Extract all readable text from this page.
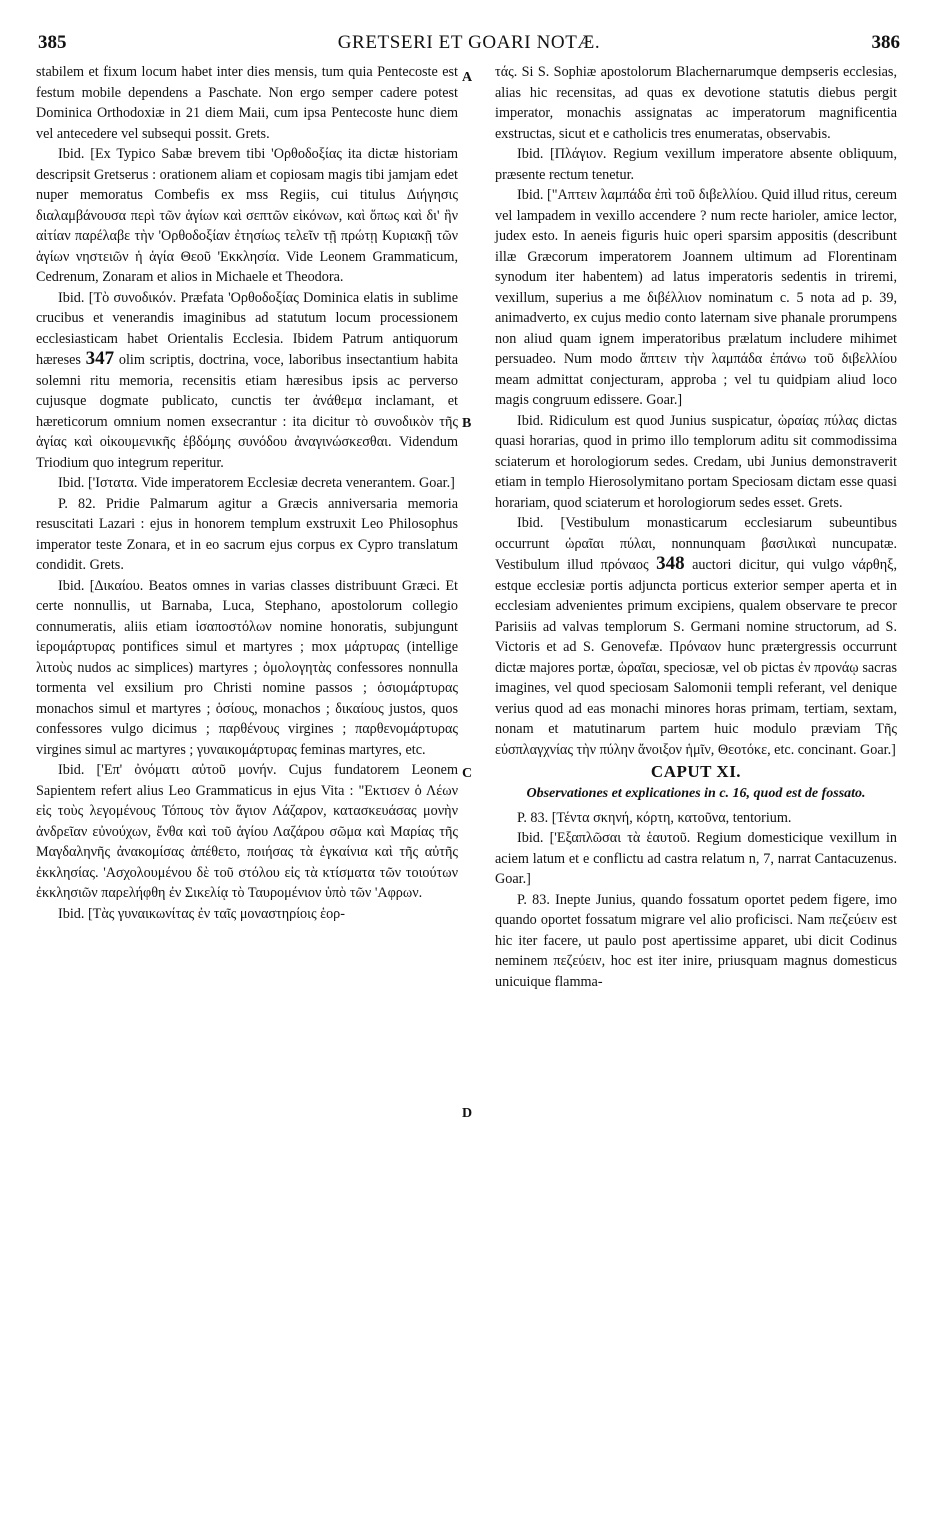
385	GRETSERI ET GOARI NOTÆ.	386
A
B
C
D

stabilem et fixum locum habet inter dies mensis, tum quia Pentecoste est festum mobile dependens a Paschate. Non ergo semper cadere potest Dominica Orthodoxiæ in 21 diem Maii, cum ipsa Pentecoste hunc diem vel antecedere vel subsequi possit. Grets.

Ibid. [Ex Typico Sabæ brevem tibi 'Ορθοδοξίας ita dictæ historiam descripsit Gretserus : orationem aliam et copiosam magis tibi jamjam edet nuper memoratus Combefis ex mss Regiis, cui titulus Διήγησις διαλαμβάνουσα περὶ τῶν ἁγίων καὶ σεπτῶν εἰκόνων, καὶ ὅπως καὶ δι' ἣν αἰτίαν παρέλαβε τὴν 'Ορθοδοξίαν ἐτησίως τελεῖν τῇ πρώτῃ Κυριακῇ τῶν ἁγίων νηστειῶν ἡ ἁγία Θεοῦ 'Εκκλησία. Vide Leonem Grammaticum, Cedrenum, Zonaram et alios in Michaele et Theodora.

Ibid. [Τὸ συνοδικόν. Præfata 'Ορθοδοξίας Dominica elatis in sublime crucibus et venerandis imaginibus ad statutum locum processionem ecclesiasticam habet Orientalis Ecclesia. Ibidem Patrum antiquorum hæreses 347 olim scriptis, doctrina, voce, laboribus insectantium habita solemni ritu memoria, recensitis etiam hæresibus ipsis ac perverso cujusque dogmate publicato, cunctis ter ἀνάθεμα inclamant, et hæreticorum omnium nomen exsecrantur : ita dicitur τὸ συνοδικὸν τῆς ἁγίας καὶ οἰκουμενικῆς ἑβδόμης συνόδου ἀναγινώσκεσθαι. Videndum Triodium quo integrum reperitur.

Ibid. ['Ιστατα. Vide imperatorem Ecclesiæ decreta venerantem. Goar.]

P. 82. Pridie Palmarum agitur a Græcis anniversaria memoria resuscitati Lazari : ejus in honorem templum exstruxit Leo Philosophus imperator teste Zonara, et in eo sacrum ejus corpus ex Cypro translatum condidit. Grets.

Ibid. [Δικαίου. Beatos omnes in varias classes distribuunt Græci. Et certe nonnullis, ut Barnaba, Luca, Stephano, apostolorum collegio connumeratis, aliis etiam ἰσαποστόλων nomine honoratis, subjungunt ἱερομάρτυρας pontifices simul et martyres ; mox μάρτυρας (intellige λιτοὺς nudos ac simplices) martyres ; ὁμολογητὰς confessores nonnulla tormenta vel exsilium pro Christi nomine passos ; ὁσιομάρτυρας monachos simul et martyres ; ὁσίους, monachos ; δικαίους justos, quos confessores vulgo dicimus ; παρθένους virgines ; παρθενομάρτυρας virgines simul ac martyres ; γυναικομάρτυρας feminas martyres, etc.

Ibid. ['Επ' ὀνόματι αὐτοῦ μονήν. Cujus fundatorem Leonem Sapientem refert alius Leo Grammaticus in ejus Vita : "Εκτισεν ὁ Λέων εἰς τοὺς λεγομένους Τόπους τὸν ἅγιον Λάζαρον, κατασκευάσας μονὴν ἀνδρεῖαν εὐνούχων, ἔνθα καὶ τοῦ ἁγίου Λαζάρου σῶμα καὶ Μαρίας τῆς Μαγδαληνῆς ἀνακομίσας ἀπέθετο, ποιήσας τὰ ἐγκαίνια καὶ τῆς αὐτῆς ἐκκλησίας. 'Ασχολουμένου δὲ τοῦ στόλου εἰς τὰ κτίσματα τῶν τοιούτων ἐκκλησιῶν παρελήφθη ἐν Σικελίᾳ τὸ Ταυρομένιον ὑπὸ τῶν 'Αφρων.

Ibid. [Τὰς γυναικωνίτας ἐν ταῖς μοναστηρίοις ἑορ-

τάς. Si S. Sophiæ apostolorum Blachernarumque dempseris ecclesias, alias hic recensitas, ad quas ex devotione statutis diebus pergit imperator, monachis assignatas ac imperatorum magnificentia exstructas, sicut et e catholicis tres enumeratas, observabis.

Ibid. [Πλάγιον. Regium vexillum imperatore absente obliquum, præsente rectum tenetur.

Ibid. ["Απτειν λαμπάδα ἐπὶ τοῦ διβελλίου. Quid illud ritus, cereum vel lampadem in vexillo accendere ? num recte harioler, amice lector, judex esto. In aeneis figuris huic operi sparsim appositis (describunt illæ Græcorum imperatorem Joannem ultimum ad Florentinam synodum iter habentem) ad latus imperatoris sedentis in triremi, vexillum, superius a me διβέλλιον nominatum c. 5 nota ad p. 39, animadverto, ex cujus medio conto laternam sive phanale prorumpens non aliud quam ignem imperatoribus prælatum includere mihimet persuadeo. Num modo ἅπτειν τὴν λαμπάδα ἐπάνω τοῦ διβελλίου meam admittat conjecturam, approba ; vel tu quidpiam aliud loco magis congruum edissere. Goar.]

Ibid. Ridiculum est quod Junius suspicatur, ὡραίας πύλας dictas quasi horarias, quod in primo illo templorum aditu sit commodissima sciaterum et horologiorum sedes. Credam, ubi Junius demonstraverit etiam in templo Hierosolymitano portam Speciosam dictam esse quasi horariam, quod sciaterum et horologiorum sedes esset. Grets.

Ibid. [Vestibulum monasticarum ecclesiarum subeuntibus occurrunt ὡραῖαι πύλαι, nonnunquam βασιλικαὶ nuncupatæ. Vestibulum illud πρόναος 348 auctori dicitur, qui vulgo νάρθηξ, estque ecclesiæ portis adjuncta porticus exterior semper aperta et in ecclesiam advenientes primum excipiens, qualem observare te precor Parisiis ad valvas templorum S. Germani nomine structorum, ad S. Victoris et ad S. Genovefæ. Πρόναον hunc prætergressis occurrunt dictæ majores portæ, ὡραῖαι, speciosæ, vel ob pictas ἐν προνάῳ sacras imagines, vel quod speciosam Salomonii templi referant, vel denique verius quod ad eas monachi minores horas primam, tertiam, sextam, nonam et matutinarum partem huic modulo præviam Τῆς εὐσπλαγχνίας τὴν πύλην ἄνοιξον ἡμῖν, Θεοτόκε, etc. concinant. Goar.]

CAPUT XI.
Observationes et explicationes in c. 16, quod est de fossato.

P. 83. [Τέντα σκηνή, κόρτη, κατοῦνα, tentorium.

Ibid. ['Εξαπλῶσαι τὰ ἑαυτοῦ. Regium domesticique vexillum in aciem latum et e conflictu ad castra relatum n, 7, narrat Cantacuzenus. Goar.]

P. 83. Inepte Junius, quando fossatum oportet pedem figere, imo quando oportet fossatum migrare vel alio proficisci. Nam πεζεύειν est hic iter facere, ut paulo post apertissime apparet, ubi dicit Codinus neminem πεζεύειν, hoc est iter inire, priusquam magnus domesticus unicuique flamma-
